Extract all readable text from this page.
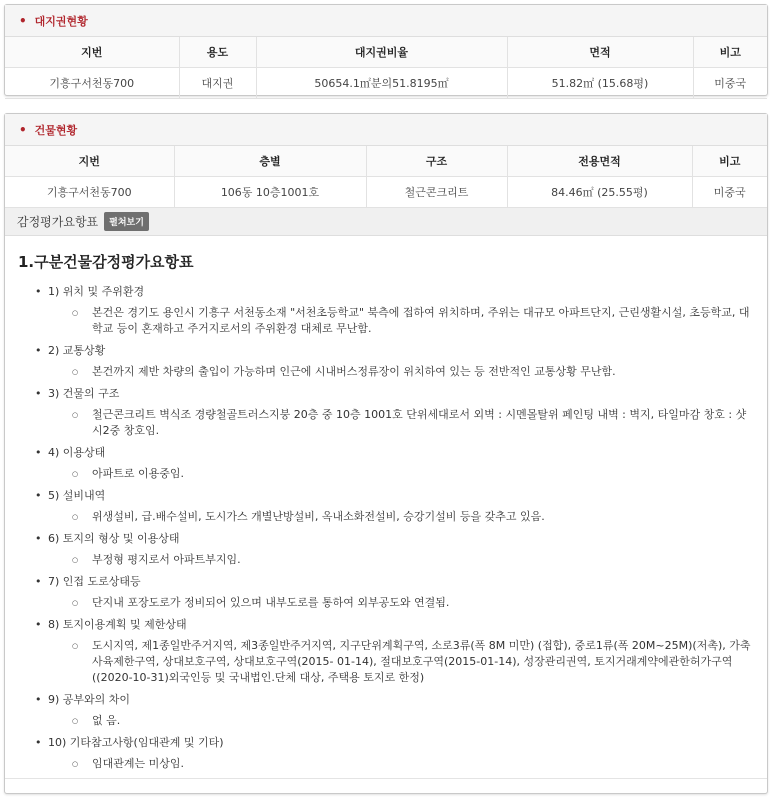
• 대지권현황
지번	용도	대지권비율	면적	비고
기흥구서천동700	대지권	50654.1㎡분의51.8195㎡	51.82㎡ (15.68평)	미중국
• 건물현황
지번	층별	구조	전용면적	비고
기흥구서천동700	106동 10층1001호	철근콘크리트	84.46㎡ (25.55평)	미중국
감정평가요항표	펼쳐보기
1.구분건물감정평가요항표
• 1) 위치 및 주위환경
○ 본건은 경기도 용인시 기흥구 서천동소재 "서천초등학교" 북측에 접하여 위치하며, 주위는 대규모 아파트단지, 근린생활시설, 초등학교, 대학교 등이 혼재하고 주거지로서의 주위환경 대체로 무난함.
• 2) 교통상황
○ 본건까지 제반 차량의 출입이 가능하며 인근에 시내버스정류장이 위치하여 있는 등 전반적인 교통상황 무난함.
• 3) 건물의 구조
○ 철근콘크리트 벽식조 경량철골트러스지붕 20층 중 10층 1001호 단위세대로서 외벽 : 시멘몰탈위 페인팅 내벽 : 벽지, 타일마감 창호 : 샷시2중 창호임.
• 4) 이용상태
○ 아파트로 이용중임.
• 5) 설비내역
○ 위생설비, 급.배수설비, 도시가스 개별난방설비, 옥내소화전설비, 승강기설비 등을 갖추고 있음.
• 6) 토지의 형상 및 이용상태
○ 부정형 평지로서 아파트부지임.
• 7) 인접 도로상태등
○ 단지내 포장도로가 정비되어 있으며 내부도로를 통하여 외부공도와 연결됨.
• 8) 토지이용계획 및 제한상태
○ 도시지역, 제1종일반주거지역, 제3종일반주거지역, 지구단위계획구역, 소로3류(폭 8M 미만) (접합), 중로1류(폭 20M~25M)(저촉), 가축사육제한구역, 상대보호구역, 상대보호구역(2015- 01-14), 절대보호구역(2015-01-14), 성장관리권역, 토지거래계약에관한허가구역 ((2020-10-31)외국인등 및 국내법인.단체 대상, 주택용 토지로 한정)
• 9) 공부와의 차이
○ 없 음.
• 10) 기타참고사항(임대관계 및 기타)
○ 임대관계는 미상임.
